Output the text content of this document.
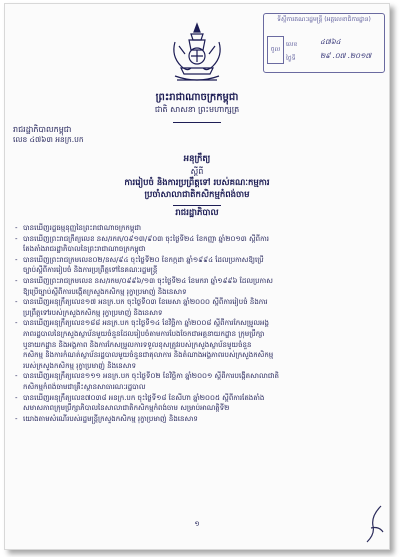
ទីស្តីការគណៈរដ្ឋមន្ត្រី (អគ្គលេខាធិការដ្ឋាន)
ចូល
លេខ	៤៧៦៤
ថ្ងៃទី	២៩ .០៧ .២០១៧
ព្រះរាជាណាចក្រកម្ពុជា
ជាតិ សាសនា ព្រះមហាក្សត្រ
រាជរដ្ឋាភិបាលកម្ពុជា
លេខ ៤៧៦៣ អនក្រ.បក
អនុក្រឹត្យ
ស្តីពី
ការរៀបចំ និងការប្រព្រឹត្តទៅ របស់គណៈកម្មការ
ប្រចាំសាលាជាតិកសិកម្មកំពង់ចាម
រាជរដ្ឋាភិបាល

- បានឃើញរដ្ឋធម្មនុញ្ញនៃព្រះរាជាណាចក្រកម្ពុជា

- បានឃើញព្រះរាជក្រឹត្យលេខ នស/រកត/០៩១៣/៩០៣ ចុះថ្ងៃទី២៤ ខែកញ្ញា ឆ្នាំ២០១៣ ស្តីពីការ
តែងតាំងរាជរដ្ឋាភិបាលនៃព្រះរាជាណាចក្រកម្ពុជា

- បានឃើញព្រះរាជក្រមលេខ០២/នស/៩៤ ចុះថ្ងៃទី២០ ខែកក្កដា ឆ្នាំ១៩៩៤ ដែលប្រកាសឱ្យប្រើ
ច្បាប់ស្តីពីការរៀបចំ និងការប្រព្រឹត្តទៅនៃគណៈរដ្ឋមន្ត្រី

- បានឃើញព្រះរាជក្រមលេខ នស/រកម/០៩៩៦/១៣ ចុះថ្ងៃទី២៤ ខែមករា ឆ្នាំ១៩៩៦ ដែលប្រកាស
ឱ្យប្រើច្បាប់ស្តីពីការបង្កើតក្រសួងកសិកម្ម រុក្ខាប្រមាញ់ និងនេសាទ

- បានឃើញអនុក្រឹត្យលេខ១៧ អនក្រ.បក ចុះថ្ងៃទី០៣ ខែមេសា ឆ្នាំ២០០០ ស្តីពីការរៀបចំ និងការ
ប្រព្រឹត្តទៅរបស់ក្រសួងកសិកម្ម រុក្ខាប្រមាញ់ និងនេសាទ

- បានឃើញអនុក្រឹត្យលេខ១៨៨ អនក្រ.បក ចុះថ្ងៃទី១៤ ខែវិច្ឆិកា ឆ្នាំ២០០៨ ស្តីពីការកែសម្រួលអង្គ
ភាពរដ្ឋបាលនៃក្រសួងស្ថាប័នមួយចំនួនដែលរៀបចំតាមការបែងចែកជាអគ្គនាយកដ្ឋាន ក្រុមប្រឹក្សា
ឬនាយកដ្ឋាន និងអង្គភាព និងការកែសម្រួលការទទួលខុសត្រូវរបស់ក្រសួងស្ថាប័នមួយចំនួន
កសិកម្ម និងការកំណត់ស្ថាប័នរដ្ឋបាលមួយចំនួនជាតុលាការ និងតំណាងអង្គភាពរបស់ក្រសួងកសិកម្ម
របស់ក្រសួងកសិកម្ម រុក្ខាប្រមាញ់ និងនេសាទ

- បានឃើញអនុក្រឹត្យលេខ១១១ អនក្រ.បក ចុះថ្ងៃទី០២ ខែវិច្ឆិកា ឆ្នាំ២០០១ ស្តីពីការបង្កើតសាលាជាតិ
កសិកម្មកំពង់ចាមជាគ្រឹះស្ថានសាធារណៈរដ្ឋបាល

- បានឃើញអនុក្រឹត្យលេខ៧០៣៨ អនក្រ.បក ចុះថ្ងៃទី១៨ ខែសីហា ឆ្នាំ២០០៥ ស្តីពីការតែងតាំង
សមាសភាពក្រុមប្រឹក្សាភិបាលនៃសាលាជាតិកសិកម្មកំពង់ចាម សម្រាប់អាណត្តិទី២

- យោងតាមសំណើរបស់រដ្ឋមន្ត្រីក្រសួងកសិកម្ម រុក្ខាប្រមាញ់ និងនេសាទ

១
